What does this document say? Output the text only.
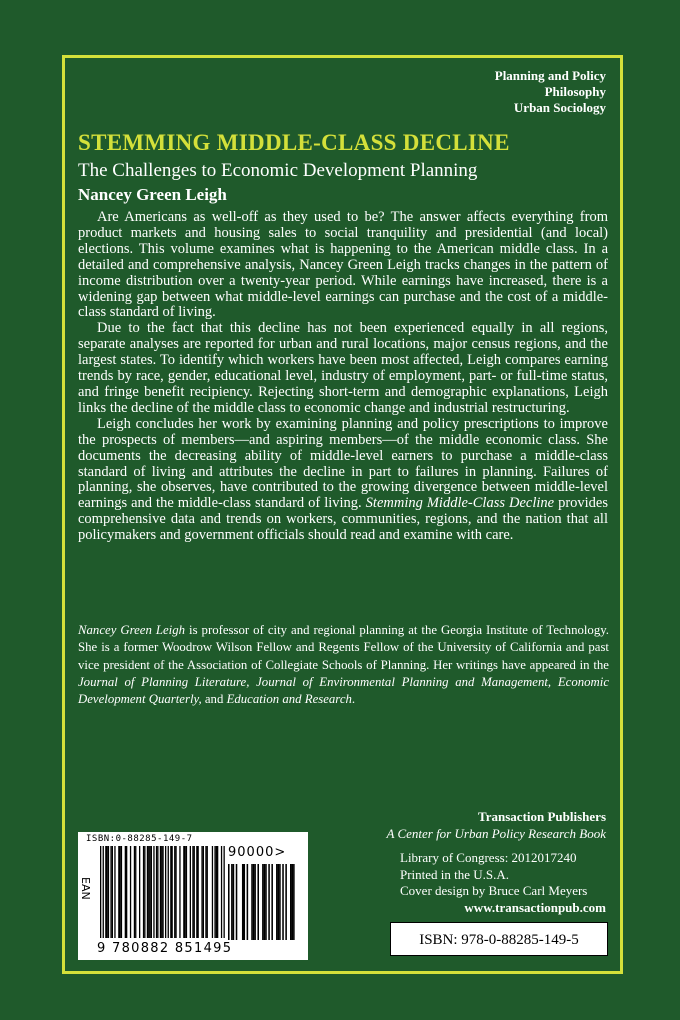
Planning and Policy
Philosophy
Urban Sociology
STEMMING MIDDLE-CLASS DECLINE
The Challenges to Economic Development Planning
Nancey Green Leigh

Are Americans as well-off as they used to be? The answer affects everything from product markets and housing sales to social tranquility and presidential (and local) elections. This volume examines what is happening to the American middle class. In a detailed and comprehensive analysis, Nancey Green Leigh tracks changes in the pattern of income distribution over a twenty-year period. While earnings have increased, there is a widening gap between what middle-level earnings can purchase and the cost of a middle-class standard of living.

Due to the fact that this decline has not been experienced equally in all regions, separate analyses are reported for urban and rural locations, major census regions, and the largest states. To identify which workers have been most affected, Leigh compares earning trends by race, gender, educational level, industry of employment, part- or full-time status, and fringe benefit recipiency. Rejecting short-term and demographic explanations, Leigh links the decline of the middle class to economic change and industrial restructuring.

Leigh concludes her work by examining planning and policy prescriptions to improve the prospects of members—and aspiring members—of the middle economic class. She documents the decreasing ability of middle-level earners to purchase a middle-class standard of living and attributes the decline in part to failures in planning. Failures of planning, she observes, have contributed to the growing divergence between middle-level earnings and the middle-class standard of living. Stemming Middle-Class Decline provides comprehensive data and trends on workers, communities, regions, and the nation that all policymakers and government officials should read and examine with care.

Nancey Green Leigh is professor of city and regional planning at the Georgia Institute of Technology. She is a former Woodrow Wilson Fellow and Regents Fellow of the University of California and past vice president of the Association of Collegiate Schools of Planning. Her writings have appeared in the Journal of Planning Literature, Journal of Environmental Planning and Management, Economic Development Quarterly, and Education and Research.

Transaction Publishers
A Center for Urban Policy Research Book
Library of Congress: 2012017240
Printed in the U.S.A.
Cover design by Bruce Carl Meyers
www.transactionpub.com
ISBN:0-88285-149-7
90000>
EAN
9 780882 851495
ISBN: 978-0-88285-149-5
